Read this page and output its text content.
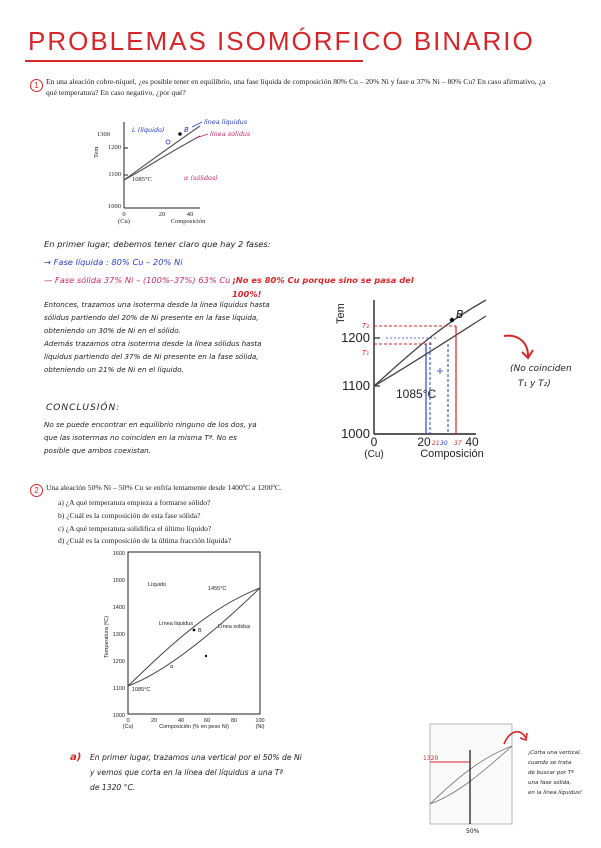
PROBLEMAS ISOMÓRFICO BINARIO
1 En una aleación cobre-níquel, ¿es posible tener en equilibrio, una fase líquida de composición 80% Cu – 20% Ni y fase α 37% Ni – 80% Cu? En caso afirmativo, ¿a qué temperatura? En caso negativo, ¿por qué?
1300
1200
1100
1000
0	20	40
(Cu)	Composición
1085°C
Tem
B
L (líquido)
línea líquidus
línea sólidus
α (sólidos)
En primer lugar, debemos tener claro que hay 2 fases:
→ Fase líquida : 80% Cu – 20% Ni
— Fase sólida 37% Ni – (100%–37%) 63% Cu ¡No es 80% Cu porque sino se pasa del 100%!
Entonces, trazamos una isoterma desde la línea líquidus hasta
sólidus partiendo del 20% de Ni presente en la fase líquida,
obteniendo un 30% de Ni en el sólido.
Además trazamos otra isoterma desde la línea sólidus hasta
líquidus partiendo del 37% de Ni presente en la fase sólida,
obteniendo un 21% de Ni en el líquido.
CONCLUSIÓN:
No se puede encontrar en equilibrio ninguno de los dos, ya
que las isotermas no coinciden en la misma Tª. No es
posible que ambos coexistan.
Tem
1200
1100
1000
0	20	40
(Cu)	Composición
1085°C
B
T₂
T₁
21 30 37
(No coinciden
T₁ y T₂)
2 Una aleación 50% Ni – 50% Cu se enfría lentamente desde 1400ºC a 1200ºC.
a) ¿A qué temperatura empieza a formarse sólido?
b) ¿Cuál es la composición de esta fase sólida?
c) ¿A qué temperatura solidifica el último líquido?
d) ¿Cuál es la composición de la última fracción líquida?
1600
1500
1400
1300
1200
1100
1000
0	20	40	60	80	100
(Cu)	(Ni)
Composición (% en peso Ni)
Temperatura (ºC)
Líquido
Línea liquidus	Línea solidus
1455°C
1085°C
B
α
a) En primer lugar, trazamos una vertical por el 50% de Ni
y vemos que corta en la línea del líquidus a una Tª
de 1320 °C.
1320
50%
¡Corta una vertical,
cuando se trata
de buscar por Tª
una fase sólida,
en la línea líquidus!
